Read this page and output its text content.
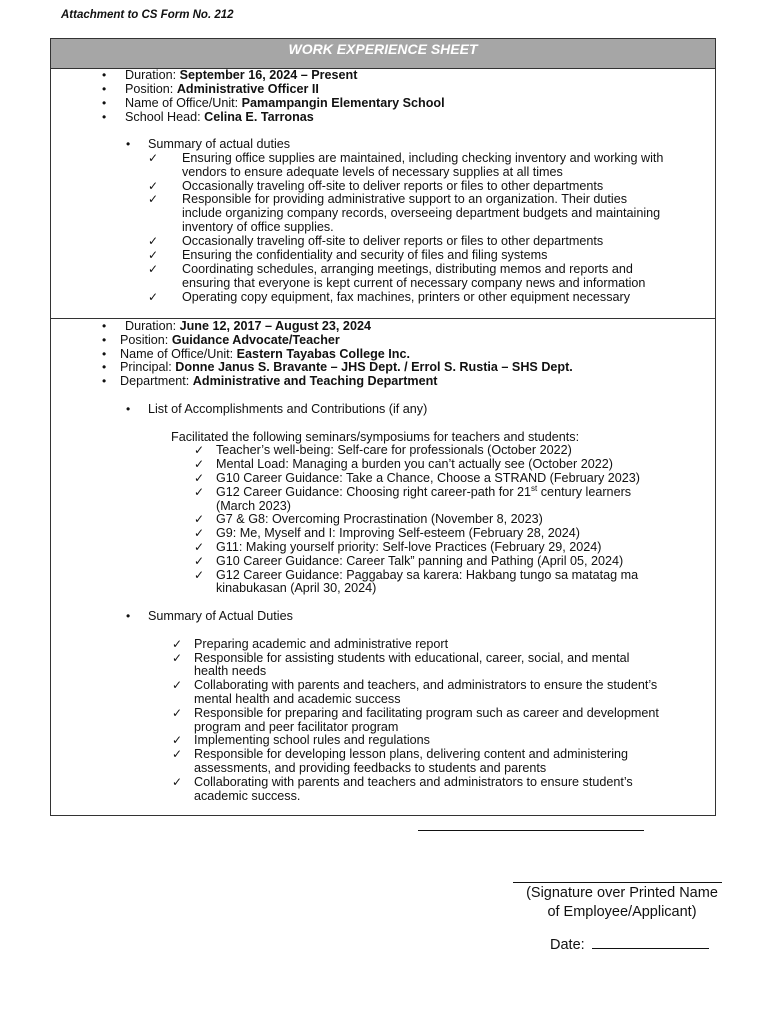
Attachment to CS Form No. 212
WORK EXPERIENCE SHEET
• Duration: September 16, 2024 – Present
• Position: Administrative Officer II
• Name of Office/Unit: Pamampangin Elementary School
• School Head: Celina E. Tarronas
• Summary of actual duties
✓ Ensuring office supplies are maintained, including checking inventory and working with
vendors to ensure adequate levels of necessary supplies at all times
✓ Occasionally traveling off-site to deliver reports or files to other departments
✓ Responsible for providing administrative support to an organization. Their duties
include organizing company records, overseeing department budgets and maintaining
inventory of office supplies.
✓ Occasionally traveling off-site to deliver reports or files to other departments
✓ Ensuring the confidentiality and security of files and filing systems
✓ Coordinating schedules, arranging meetings, distributing memos and reports and
ensuring that everyone is kept current of necessary company news and information
✓ Operating copy equipment, fax machines, printers or other equipment necessary
• Duration: June 12, 2017 – August 23, 2024
• Position: Guidance Advocate/Teacher
• Name of Office/Unit: Eastern Tayabas College Inc.
• Principal: Donne Janus S. Bravante – JHS Dept. / Errol S. Rustia – SHS Dept.
• Department: Administrative and Teaching Department
• List of Accomplishments and Contributions (if any)
Facilitated the following seminars/symposiums for teachers and students:
✓ Teacher’s well-being: Self-care for professionals (October 2022)
✓ Mental Load: Managing a burden you can’t actually see (October 2022)
✓ G10 Career Guidance: Take a Chance, Choose a STRAND (February 2023)
✓ G12 Career Guidance: Choosing right career-path for 21st century learners
(March 2023)
✓ G7 & G8: Overcoming Procrastination (November 8, 2023)
✓ G9: Me, Myself and I: Improving Self-esteem (February 28, 2024)
✓ G11: Making yourself priority: Self-love Practices (February 29, 2024)
✓ G10 Career Guidance: Career Talk” panning and Pathing (April 05, 2024)
✓ G12 Career Guidance: Paggabay sa karera: Hakbang tungo sa matatag ma
kinabukasan (April 30, 2024)
• Summary of Actual Duties
✓ Preparing academic and administrative report
✓ Responsible for assisting students with educational, career, social, and mental
health needs
✓ Collaborating with parents and teachers, and administrators to ensure the student’s
mental health and academic success
✓ Responsible for preparing and facilitating program such as career and development
program and peer facilitator program
✓ Implementing school rules and regulations
✓ Responsible for developing lesson plans, delivering content and administering
assessments, and providing feedbacks to students and parents
✓ Collaborating with parents and teachers and administrators to ensure student’s
academic success.
(Signature over Printed Name
of Employee/Applicant)
Date:
